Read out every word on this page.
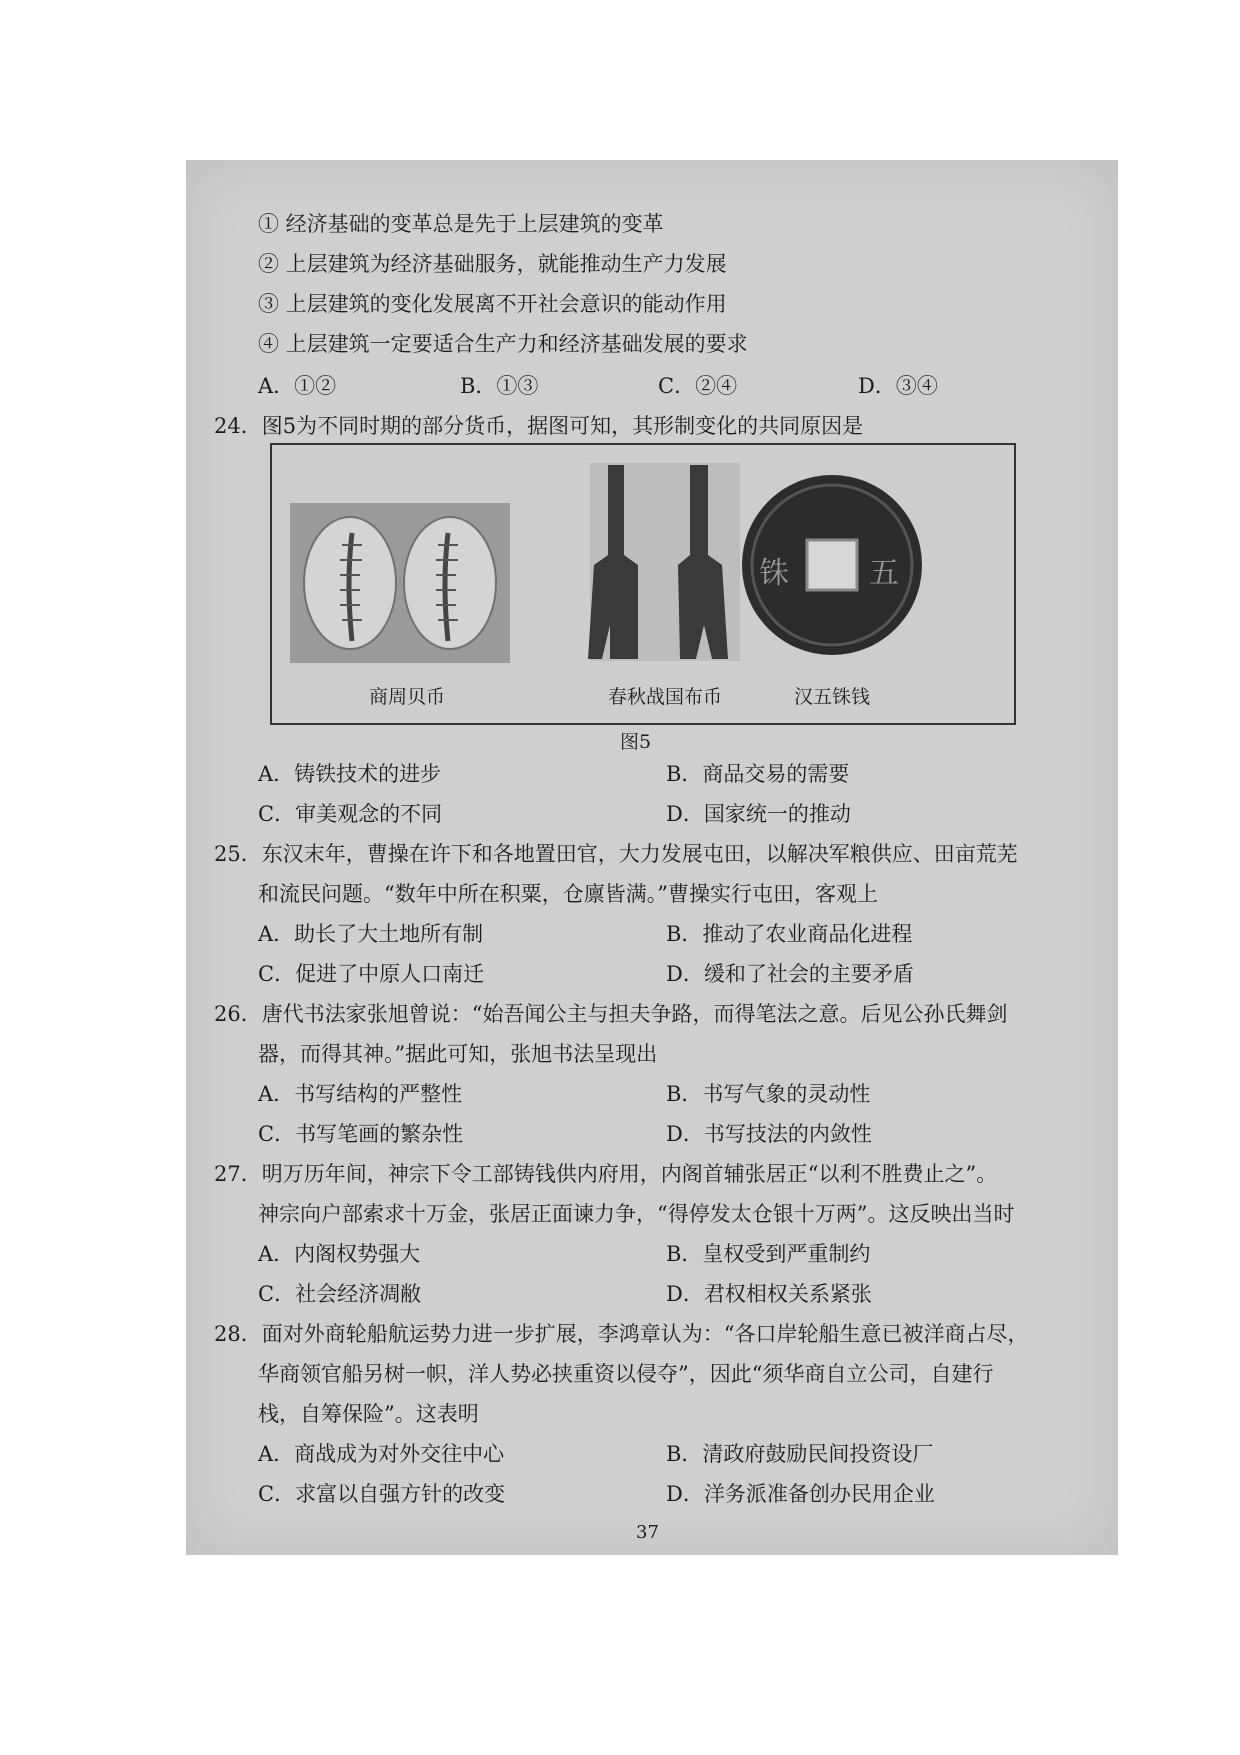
① 经济基础的变革总是先于上层建筑的变革
② 上层建筑为经济基础服务，就能推动生产力发展
③ 上层建筑的变化发展离不开社会意识的能动作用
④ 上层建筑一定要适合生产力和经济基础发展的要求
A．①②	B．①③	C．②④	D．③④
24．图5为不同时期的部分货币，据图可知，其形制变化的共同原因是
铢	五
商周贝币	春秋战国布币	汉五铢钱
图5
A．铸铁技术的进步	B．商品交易的需要
C．审美观念的不同	D．国家统一的推动
25．东汉末年，曹操在许下和各地置田官，大力发展屯田，以解决军粮供应、田亩荒芜
和流民问题。“数年中所在积粟，仓廪皆满。”曹操实行屯田，客观上
A．助长了大土地所有制	B．推动了农业商品化进程
C．促进了中原人口南迁	D．缓和了社会的主要矛盾
26．唐代书法家张旭曾说：“始吾闻公主与担夫争路，而得笔法之意。后见公孙氏舞剑
器，而得其神。”据此可知，张旭书法呈现出
A．书写结构的严整性	B．书写气象的灵动性
C．书写笔画的繁杂性	D．书写技法的内敛性
27．明万历年间，神宗下令工部铸钱供内府用，内阁首辅张居正“以利不胜费止之”。
神宗向户部索求十万金，张居正面谏力争，“得停发太仓银十万两”。这反映出当时
A．内阁权势强大	B．皇权受到严重制约
C．社会经济凋敝	D．君权相权关系紧张
28．面对外商轮船航运势力进一步扩展，李鸿章认为：“各口岸轮船生意已被洋商占尽，
华商领官船另树一帜，洋人势必挟重资以侵夺”，因此“须华商自立公司，自建行
栈，自筹保险”。这表明
A．商战成为对外交往中心	B．清政府鼓励民间投资设厂
C．求富以自强方针的改变	D．洋务派准备创办民用企业
37
